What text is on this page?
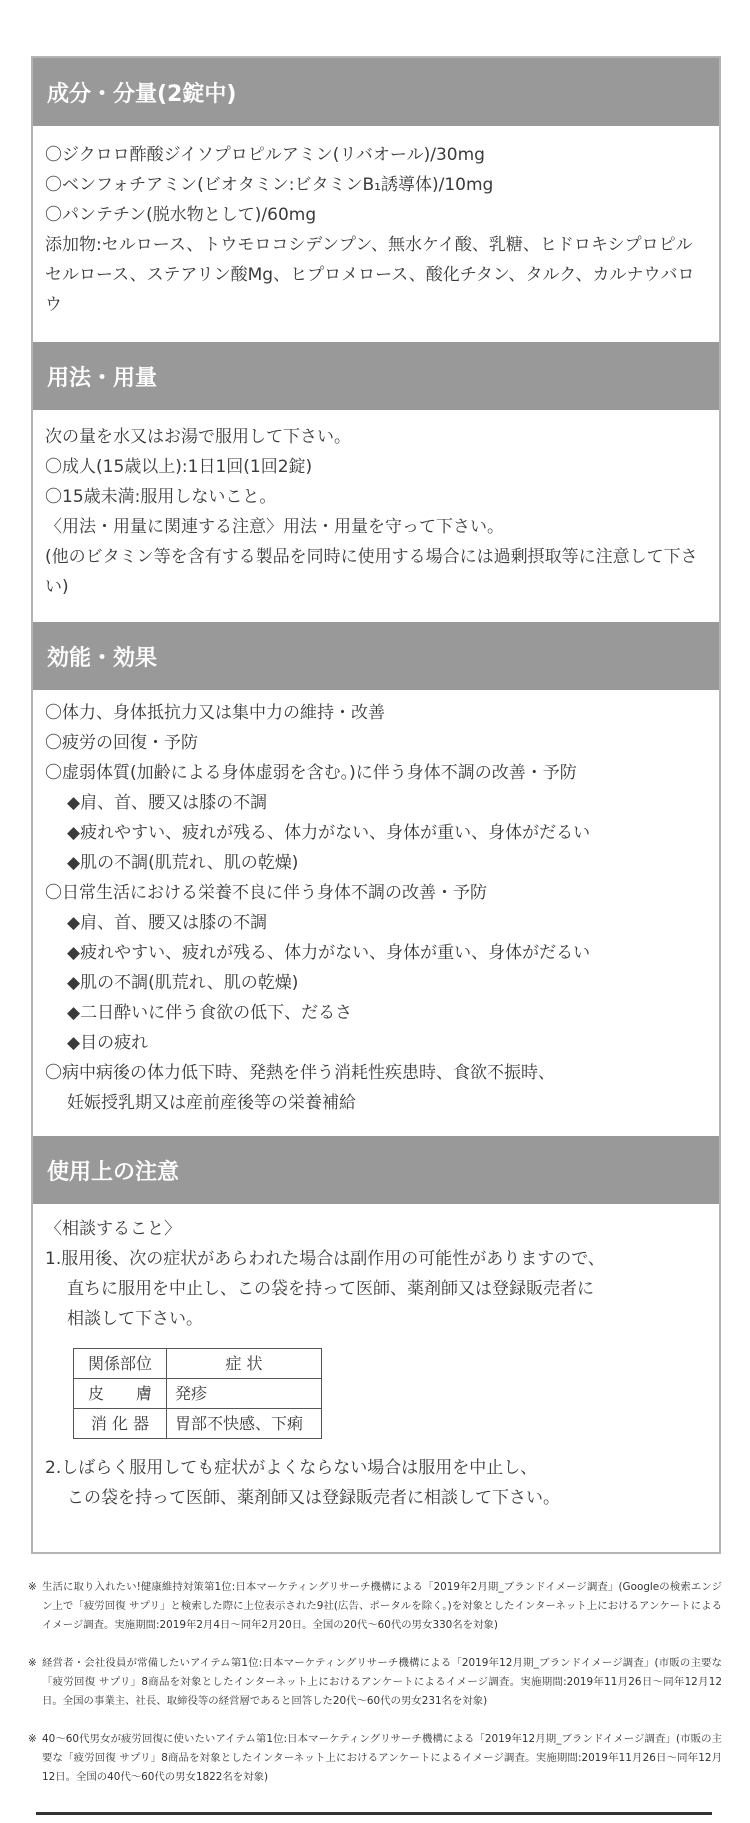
成分・分量(2錠中)
〇ジクロロ酢酸ジイソプロピルアミン(リバオール)/30mg
〇ベンフォチアミン(ビオタミン:ビタミンB₁誘導体)/10mg
〇パンテチン(脱水物として)/60mg
添加物:セルロース、トウモロコシデンプン、無水ケイ酸、乳糖、ヒドロキシプロピルセルロース、ステアリン酸Mg、ヒプロメロース、酸化チタン、タルク、カルナウバロウ
用法・用量
次の量を水又はお湯で服用して下さい。
〇成人(15歳以上):1日1回(1回2錠)
〇15歳未満:服用しないこと。
〈用法・用量に関連する注意〉用法・用量を守って下さい。
(他のビタミン等を含有する製品を同時に使用する場合には過剰摂取等に注意して下さい)
効能・効果
〇体力、身体抵抗力又は集中力の維持・改善
〇疲労の回復・予防
〇虚弱体質(加齢による身体虚弱を含む。)に伴う身体不調の改善・予防
◆肩、首、腰又は膝の不調
◆疲れやすい、疲れが残る、体力がない、身体が重い、身体がだるい
◆肌の不調(肌荒れ、肌の乾燥)
〇日常生活における栄養不良に伴う身体不調の改善・予防
◆肩、首、腰又は膝の不調
◆疲れやすい、疲れが残る、体力がない、身体が重い、身体がだるい
◆肌の不調(肌荒れ、肌の乾燥)
◆二日酔いに伴う食欲の低下、だるさ
◆目の疲れ
〇病中病後の体力低下時、発熱を伴う消耗性疾患時、食欲不振時、
妊娠授乳期又は産前産後等の栄養補給
使用上の注意
〈相談すること〉
1.服用後、次の症状があらわれた場合は副作用の可能性がありますので、
直ちに服用を中止し、この袋を持って医師、薬剤師又は登録販売者に
相談して下さい。
関係部位	症 状
皮　　膚	発疹
消 化 器	胃部不快感、下痢
2.しばらく服用しても症状がよくならない場合は服用を中止し、
この袋を持って医師、薬剤師又は登録販売者に相談して下さい。
※ 生活に取り入れたい!健康維持対策第1位:日本マーケティングリサーチ機構による「2019年2月期_ブランドイメージ調査」(Googleの検索エンジン上で「疲労回復 サプリ」と検索した際に上位表示された9社(広告、ポータルを除く。)を対象としたインターネット上におけるアンケートによるイメージ調査。実施期間:2019年2月4日〜同年2月20日。全国の20代〜60代の男女330名を対象)
※ 経営者・会社役員が常備したいアイテム第1位:日本マーケティングリサーチ機構による「2019年12月期_ブランドイメージ調査」(市販の主要な「疲労回復 サプリ」8商品を対象としたインターネット上におけるアンケートによるイメージ調査。実施期間:2019年11月26日〜同年12月12日。全国の事業主、社長、取締役等の経営層であると回答した20代〜60代の男女231名を対象)
※ 40〜60代男女が疲労回復に使いたいアイテム第1位:日本マーケティングリサーチ機構による「2019年12月期_ブランドイメージ調査」(市販の主要な「疲労回復 サプリ」8商品を対象としたインターネット上におけるアンケートによるイメージ調査。実施期間:2019年11月26日〜同年12月12日。全国の40代〜60代の男女1822名を対象)
